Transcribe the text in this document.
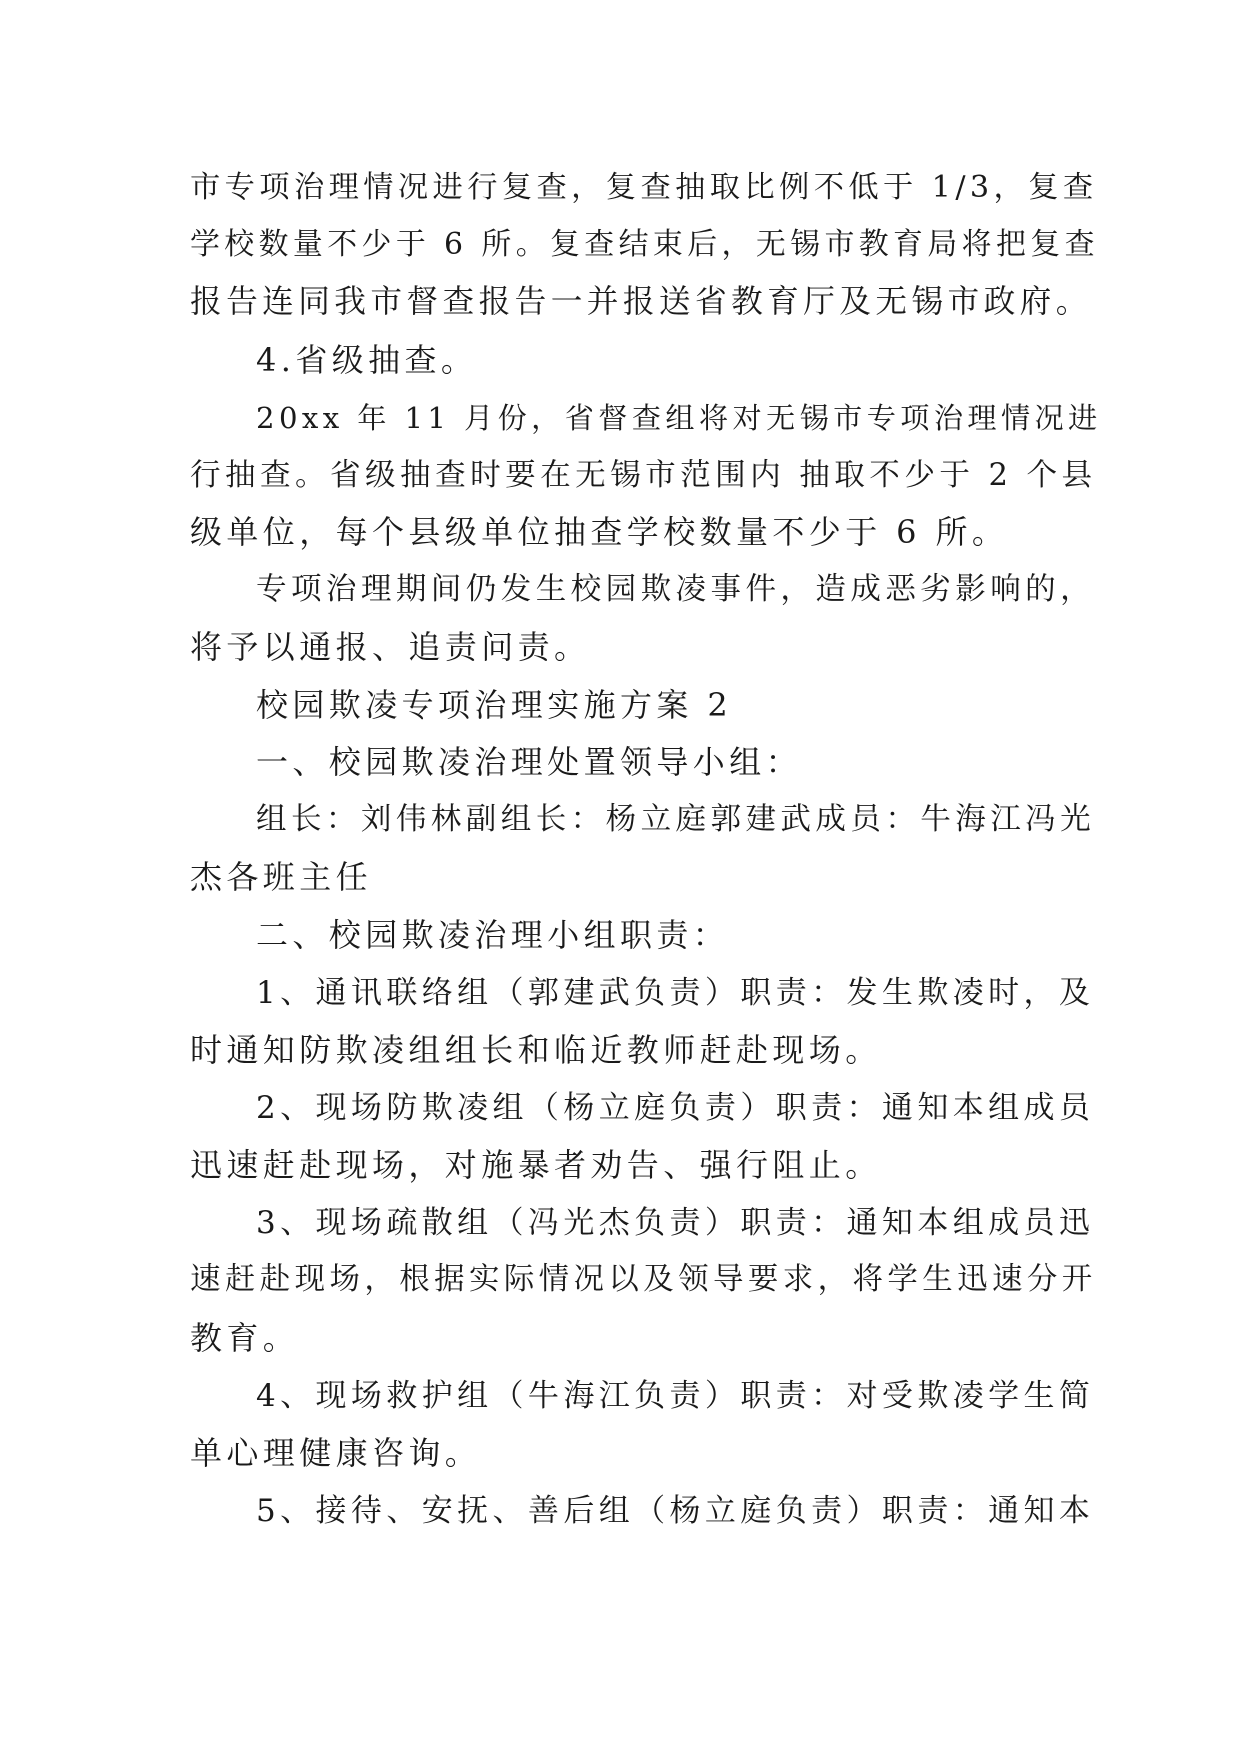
市专项治理情况进行复查，复查抽取比例不低于 1/3，复查
学校数量不少于 6 所。复查结束后，无锡市教育局将把复查
报告连同我市督查报告一并报送省教育厅及无锡市政府。
4.省级抽查。
20xx 年 11 月份，省督查组将对无锡市专项治理情况进
行抽查。省级抽查时要在无锡市范围内 抽取不少于 2 个县
级单位，每个县级单位抽查学校数量不少于 6 所。
专项治理期间仍发生校园欺凌事件，造成恶劣影响的，
将予以通报、追责问责。
校园欺凌专项治理实施方案 2
一、校园欺凌治理处置领导小组：
组长：刘伟林副组长：杨立庭郭建武成员：牛海江冯光
杰各班主任
二、校园欺凌治理小组职责：
1、通讯联络组（郭建武负责）职责：发生欺凌时，及
时通知防欺凌组组长和临近教师赶赴现场。
2、现场防欺凌组（杨立庭负责）职责：通知本组成员
迅速赶赴现场，对施暴者劝告、强行阻止。
3、现场疏散组（冯光杰负责）职责：通知本组成员迅
速赶赴现场，根据实际情况以及领导要求，将学生迅速分开
教育。
4、现场救护组（牛海江负责）职责：对受欺凌学生简
单心理健康咨询。
5、接待、安抚、善后组（杨立庭负责）职责：通知本
